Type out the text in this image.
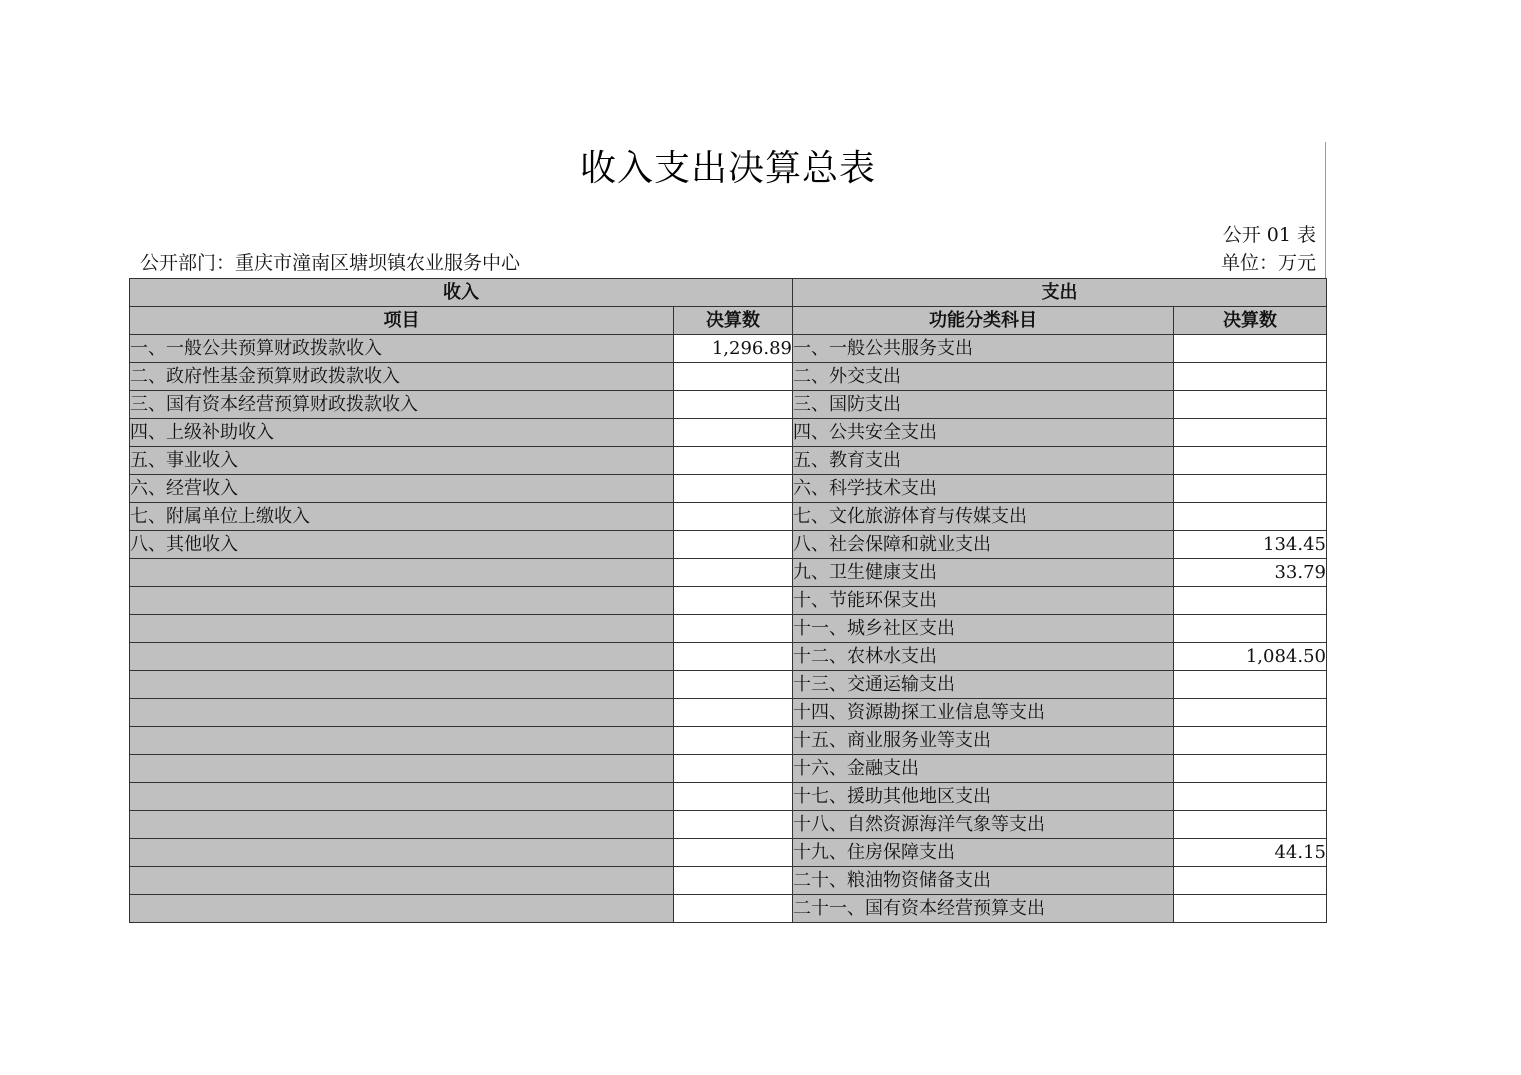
收入支出决算总表
公开 01 表
公开部门：重庆市潼南区塘坝镇农业服务中心	单位：万元
收入		支出	
项目	决算数	功能分类科目	决算数
一、一般公共预算财政拨款收入	1,296.89	一、一般公共服务支出	
二、政府性基金预算财政拨款收入		二、外交支出	
三、国有资本经营预算财政拨款收入		三、国防支出	
四、上级补助收入		四、公共安全支出	
五、事业收入		五、教育支出	
六、经营收入		六、科学技术支出	
七、附属单位上缴收入		七、文化旅游体育与传媒支出	
八、其他收入		八、社会保障和就业支出	134.45
		九、卫生健康支出	33.79
		十、节能环保支出	
		十一、城乡社区支出	
		十二、农林水支出	1,084.50
		十三、交通运输支出	
		十四、资源勘探工业信息等支出	
		十五、商业服务业等支出	
		十六、金融支出	
		十七、援助其他地区支出	
		十八、自然资源海洋气象等支出	
		十九、住房保障支出	44.15
		二十、粮油物资储备支出	
		二十一、国有资本经营预算支出	
